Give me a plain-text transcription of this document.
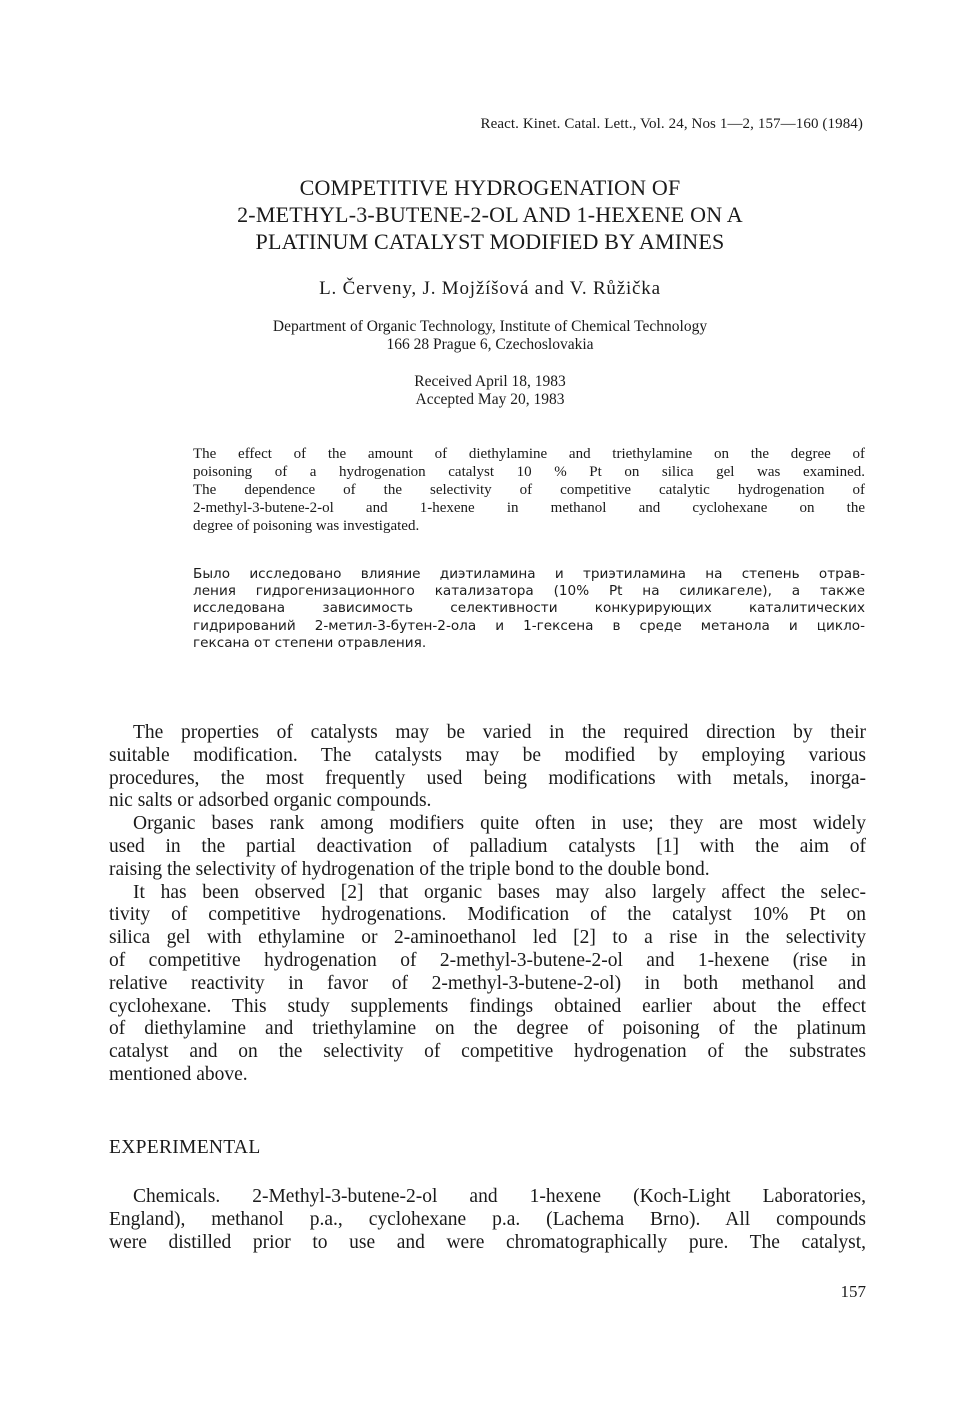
React. Kinet. Catal. Lett., Vol. 24, Nos 1—2, 157—160 (1984)
COMPETITIVE HYDROGENATION OF
2-METHYL-3-BUTENE-2-OL AND 1-HEXENE ON A
PLATINUM CATALYST MODIFIED BY AMINES
L. Červeny, J. Mojžíšová and V. Růžička
Department of Organic Technology, Institute of Chemical Technology
166 28 Prague 6, Czechoslovakia
Received April 18, 1983
Accepted May 20, 1983
The effect of the amount of diethylamine and triethylamine on the degree of
poisoning of a hydrogenation catalyst 10 % Pt on silica gel was examined.
The dependence of the selectivity of competitive catalytic hydrogenation of
2-methyl-3-butene-2-ol and 1-hexene in methanol and cyclohexane on the
degree of poisoning was investigated.
Было исследовано влияние диэтиламина и триэтиламина на степень отрав-
ления гидрогенизационного катализатора (10% Pt на силикагеле), а также
исследована зависимость селективности конкурирующих каталитических
гидрирований 2-метил-3-бутен-2-ола и 1-гексена в среде метанола и цикло-
гексана от степени отравления.
The properties of catalysts may be varied in the required direction by their
suitable modification. The catalysts may be modified by employing various
procedures, the most frequently used being modifications with metals, inorga-
nic salts or adsorbed organic compounds.
Organic bases rank among modifiers quite often in use; they are most widely
used in the partial deactivation of palladium catalysts [1] with the aim of
raising the selectivity of hydrogenation of the triple bond to the double bond.
It has been observed [2] that organic bases may also largely affect the selec-
tivity of competitive hydrogenations. Modification of the catalyst 10% Pt on
silica gel with ethylamine or 2-aminoethanol led [2] to a rise in the selectivity
of competitive hydrogenation of 2-methyl-3-butene-2-ol and 1-hexene (rise in
relative reactivity in favor of 2-methyl-3-butene-2-ol) in both methanol and
cyclohexane. This study supplements findings obtained earlier about the effect
of diethylamine and triethylamine on the degree of poisoning of the platinum
catalyst and on the selectivity of competitive hydrogenation of the substrates
mentioned above.
EXPERIMENTAL
Chemicals. 2-Methyl-3-butene-2-ol and 1-hexene (Koch-Light Laboratories,
England), methanol p.a., cyclohexane p.a. (Lachema Brno). All compounds
were distilled prior to use and were chromatographically pure. The catalyst,
157
